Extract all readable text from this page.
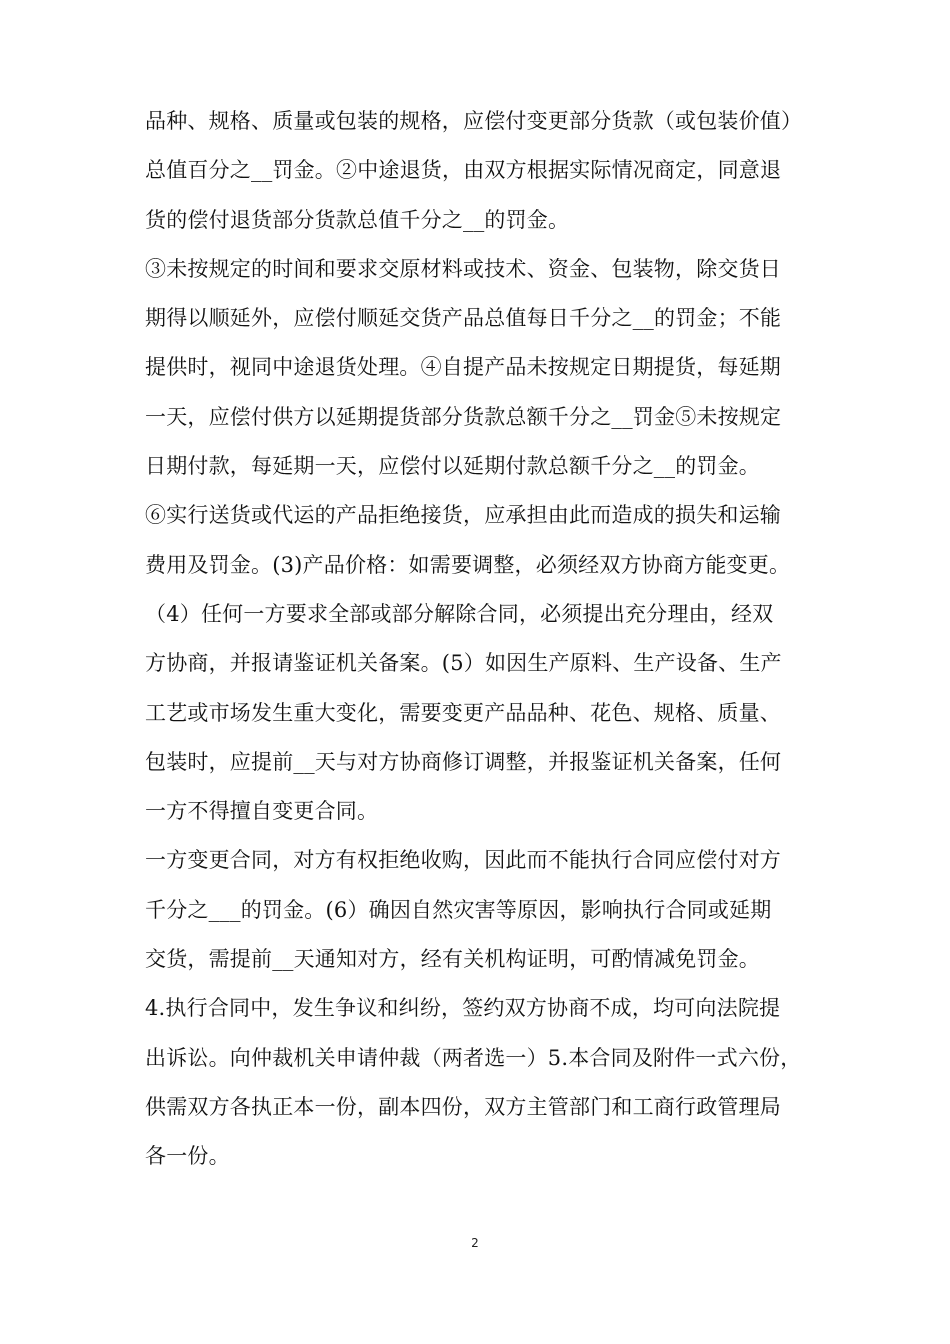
品种、规格、质量或包装的规格，应偿付变更部分货款（或包装价值）
总值百分之__罚金。②中途退货，由双方根据实际情况商定，同意退
货的偿付退货部分货款总值千分之__的罚金。
③未按规定的时间和要求交原材料或技术、资金、包装物，除交货日
期得以顺延外，应偿付顺延交货产品总值每日千分之__的罚金；不能
提供时，视同中途退货处理。④自提产品未按规定日期提货，每延期
一天，应偿付供方以延期提货部分货款总额千分之__罚金⑤未按规定
日期付款，每延期一天，应偿付以延期付款总额千分之__的罚金。
⑥实行送货或代运的产品拒绝接货，应承担由此而造成的损失和运输
费用及罚金。(3)产品价格：如需要调整，必须经双方协商方能变更。
（4）任何一方要求全部或部分解除合同，必须提出充分理由，经双
方协商，并报请鉴证机关备案。(5）如因生产原料、生产设备、生产
工艺或市场发生重大变化，需要变更产品品种、花色、规格、质量、
包装时，应提前__天与对方协商修订调整，并报鉴证机关备案，任何
一方不得擅自变更合同。
一方变更合同，对方有权拒绝收购，因此而不能执行合同应偿付对方
千分之___的罚金。(6）确因自然灾害等原因，影响执行合同或延期
交货，需提前__天通知对方，经有关机构证明，可酌情减免罚金。
4.执行合同中，发生争议和纠纷，签约双方协商不成，均可向法院提
出诉讼。向仲裁机关申请仲裁（两者选一）5.本合同及附件一式六份，
供需双方各执正本一份，副本四份，双方主管部门和工商行政管理局
各一份。
2
